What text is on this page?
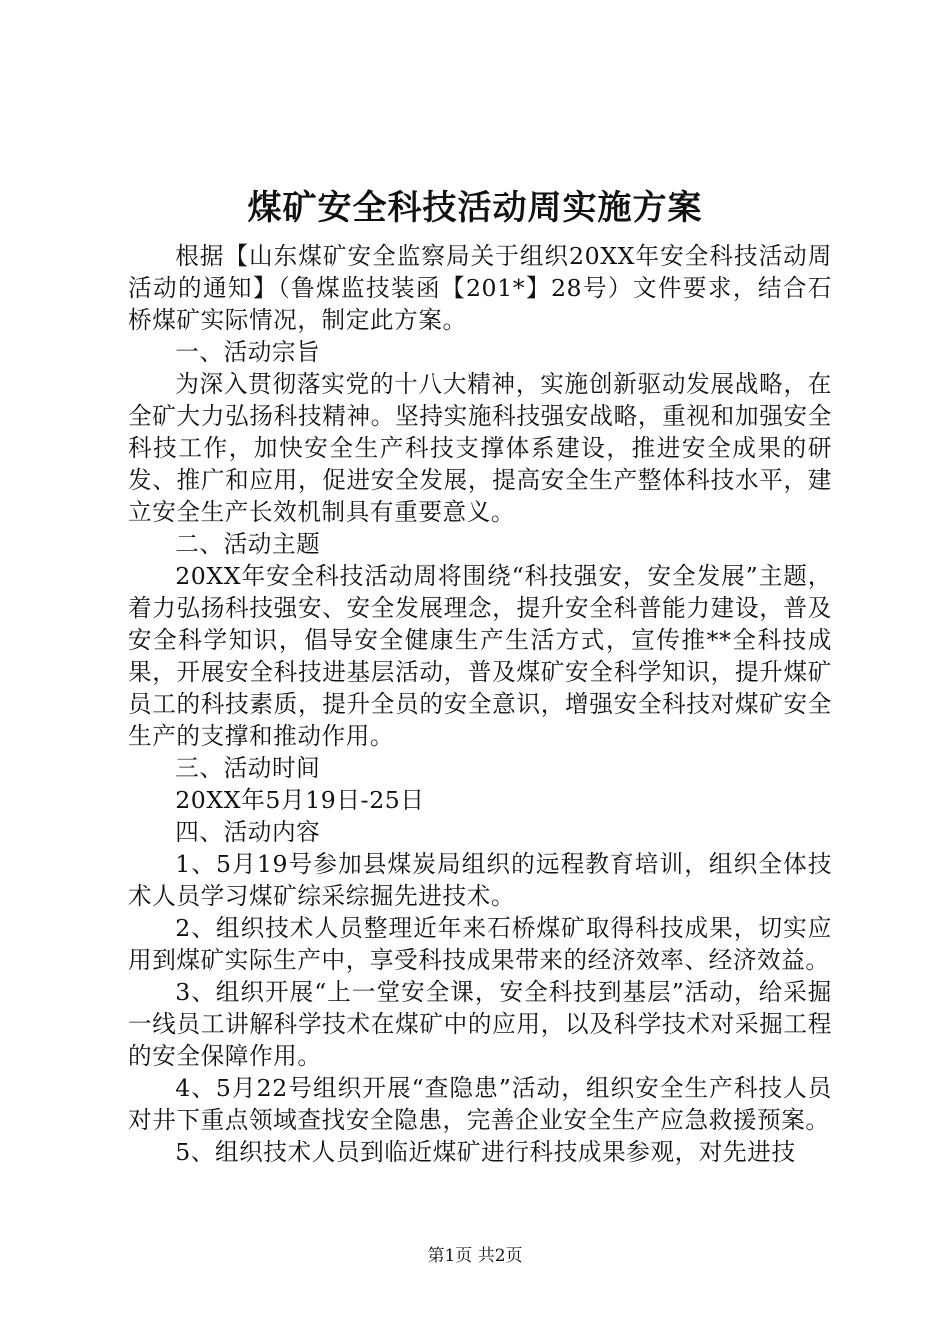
煤矿安全科技活动周实施方案

根据【山东煤矿安全监察局关于组织20XX年安全科技活动周活动的通知】（鲁煤监技装函【201*】28号）文件要求，结合石桥煤矿实际情况，制定此方案。

一、活动宗旨

为深入贯彻落实党的十八大精神，实施创新驱动发展战略，在全矿大力弘扬科技精神。坚持实施科技强安战略，重视和加强安全科技工作，加快安全生产科技支撑体系建设，推进安全成果的研发、推广和应用，促进安全发展，提高安全生产整体科技水平，建立安全生产长效机制具有重要意义。

二、活动主题

20XX年安全科技活动周将围绕“科技强安，安全发展”主题，着力弘扬科技强安、安全发展理念，提升安全科普能力建设，普及安全科学知识，倡导安全健康生产生活方式，宣传推**全科技成果，开展安全科技进基层活动，普及煤矿安全科学知识，提升煤矿员工的科技素质，提升全员的安全意识，增强安全科技对煤矿安全生产的支撑和推动作用。

三、活动时间

20XX年5月19日-25日

四、活动内容

1、5月19号参加县煤炭局组织的远程教育培训，组织全体技术人员学习煤矿综采综掘先进技术。

2、组织技术人员整理近年来石桥煤矿取得科技成果，切实应用到煤矿实际生产中，享受科技成果带来的经济效率、经济效益。

3、组织开展“上一堂安全课，安全科技到基层”活动，给采掘一线员工讲解科学技术在煤矿中的应用，以及科学技术对采掘工程的安全保障作用。

4、5月22号组织开展“查隐患”活动，组织安全生产科技人员对井下重点领域查找安全隐患，完善企业安全生产应急救援预案。

5、组织技术人员到临近煤矿进行科技成果参观，对先进技

第1页 共2页
